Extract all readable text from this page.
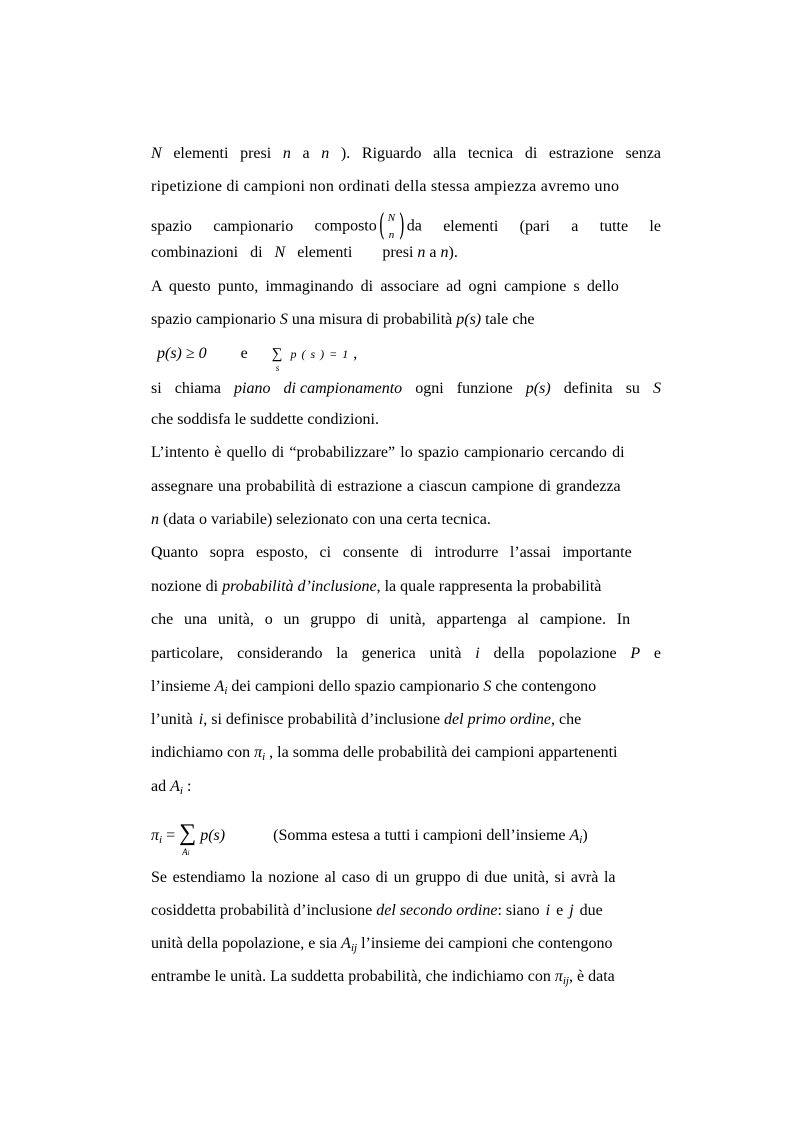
N elementi presi n a n ). Riguardo alla tecnica di estrazione senza
ripetizione di campioni non ordinati della stessa ampiezza avremo uno
spazio campionario composto ( N
n ) da elementi (pari a tutte le
combinazioni di N elementi presi n a n ).
A questo punto, immaginando di associare ad ogni campione s dello
spazio campionario S una misura di probabilità p(s) tale che
p(s) ≥ 0 e ∑
s
p ( s ) = 1 ,
si chiama piano di campionamento ogni funzione p(s) definita su S
che soddisfa le suddette condizioni.
L’intento è quello di “probabilizzare” lo spazio campionario cercando di
assegnare una probabilità di estrazione a ciascun campione di grandezza
n (data o variabile) selezionato con una certa tecnica.
Quanto sopra esposto, ci consente di introdurre l’assai importante
nozione di probabilità d’inclusione , la quale rappresenta la probabilità
che una unità, o un gruppo di unità, appartenga al campione. In
particolare, considerando la generica unità i della popolazione P e
l’insieme Ai dei campioni dello spazio campionario S che contengono
l’unità i , si definisce probabilità d’inclusione del primo ordine , che
indichiamo con πi , la somma delle probabilità dei campioni appartenenti
ad Ai :
πi = ∑
Ai
p(s)	(Somma estesa a tutti i campioni dell’insieme Ai )
Se estendiamo la nozione al caso di un gruppo di due unità, si avrà la
cosiddetta probabilità d’inclusione del secondo ordine : siano i e j due
unità della popolazione, e sia Aij l’insieme dei campioni che contengono
entrambe le unità. La suddetta probabilità, che indichiamo con πij , è data
